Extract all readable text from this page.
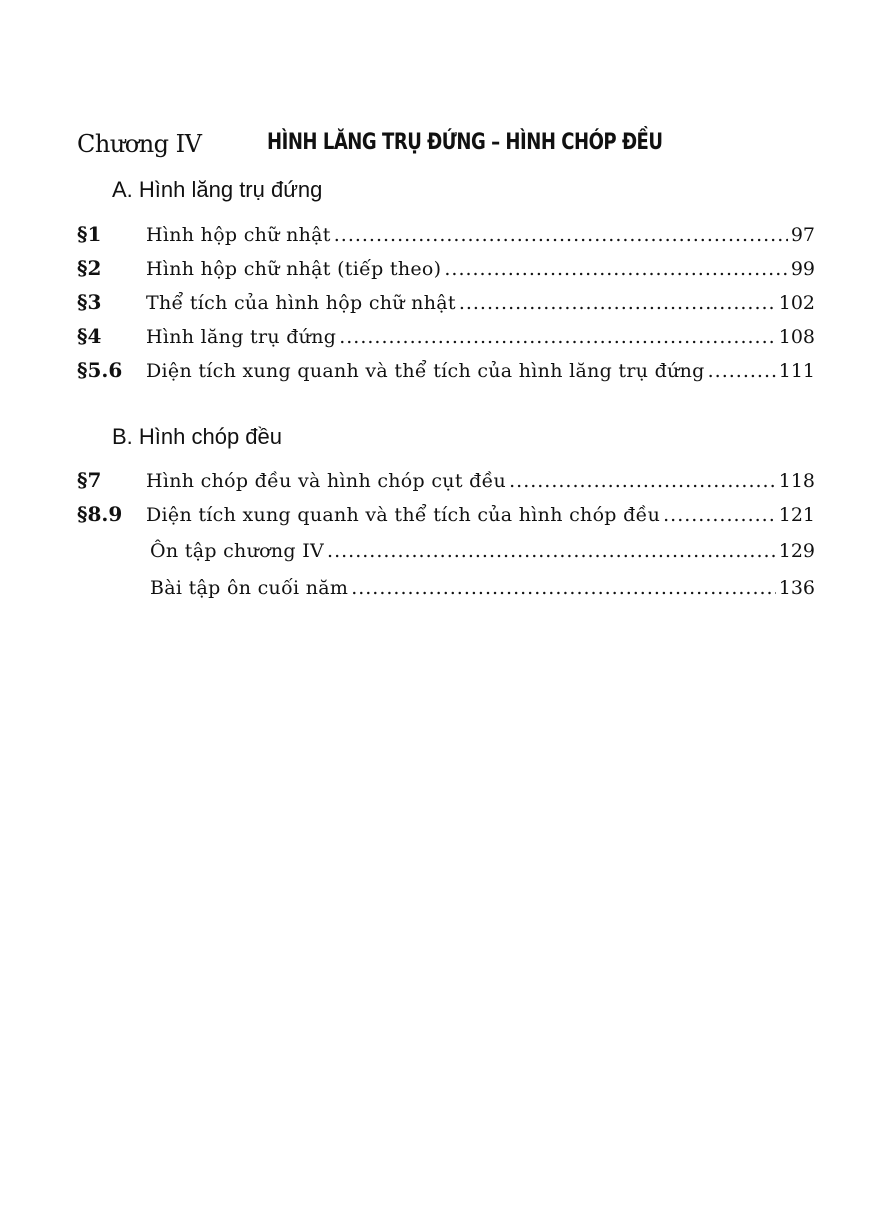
Chương IV	HÌNH LĂNG TRỤ ĐỨNG – HÌNH CHÓP ĐỀU
A. Hình lăng trụ đứng
§1	Hình hộp chữ nhật .....	97
§2	Hình hộp chữ nhật (tiếp theo) .....	99
§3	Thể tích của hình hộp chữ nhật .....	102
§4	Hình lăng trụ đứng .....	108
§5.6	Diện tích xung quanh và thể tích của hình lăng trụ đứng .....	111
B. Hình chóp đều
§7	Hình chóp đều và hình chóp cụt đều .....	118
§8.9	Diện tích xung quanh và thể tích của hình chóp đều .....	121
Ôn tập chương IV .....	129
Bài tập ôn cuối năm .....	136
